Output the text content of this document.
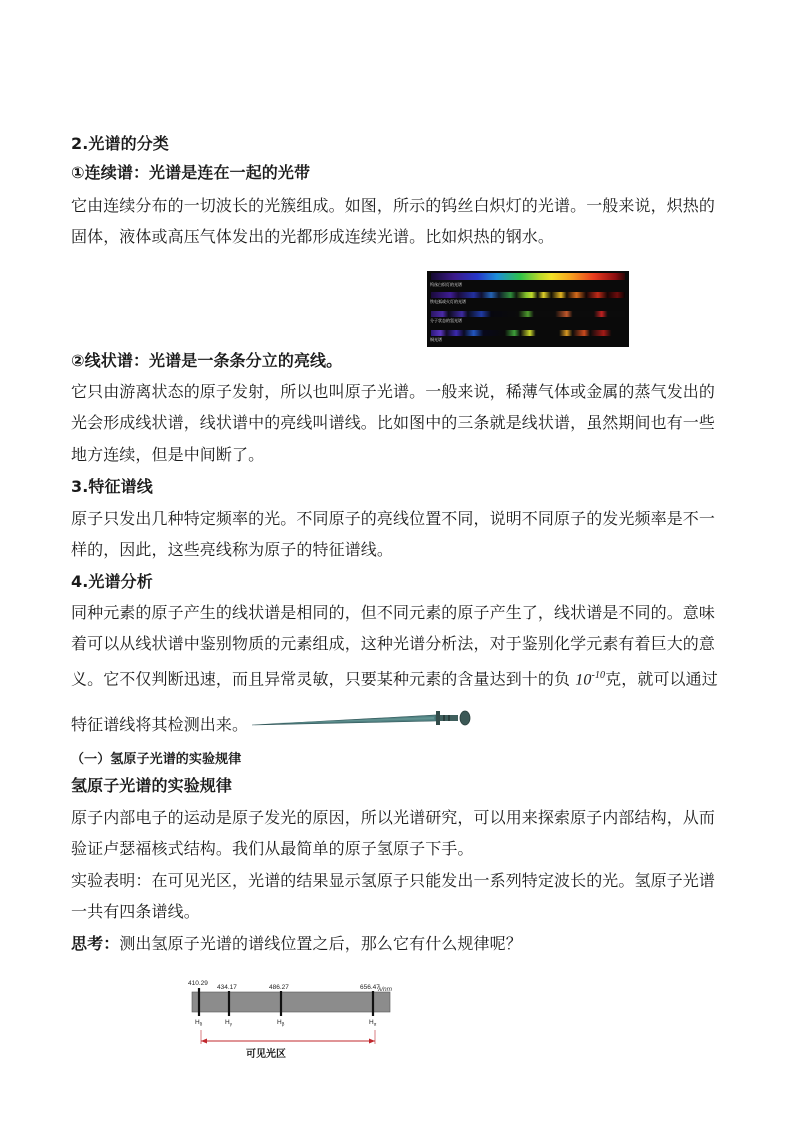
2.光谱的分类
①连续谱：光谱是连在一起的光带
它由连续分布的一切波长的光簇组成。如图，所示的钨丝白炽灯的光谱。一般来说，炽热的
固体，液体或高压气体发出的光都形成连续光谱。比如炽热的钢水。
钨丝白炽灯的光谱
铁电弧或火灯的光谱
分子状态的氢光谱
铜光谱
②线状谱：光谱是一条条分立的亮线。
它只由游离状态的原子发射，所以也叫原子光谱。一般来说，稀薄气体或金属的蒸气发出的
光会形成线状谱，线状谱中的亮线叫谱线。比如图中的三条就是线状谱，虽然期间也有一些
地方连续，但是中间断了。
3.特征谱线
原子只发出几种特定频率的光。不同原子的亮线位置不同，说明不同原子的发光频率是不一
样的，因此，这些亮线称为原子的特征谱线。
4.光谱分析
同种元素的原子产生的线状谱是相同的，但不同元素的原子产生了，线状谱是不同的。意味
着可以从线状谱中鉴别物质的元素组成，这种光谱分析法，对于鉴别化学元素有着巨大的意
义。它不仅判断迅速，而且异常灵敏，只要某种元素的含量达到十的负 $10^{-10}$克，就可以通过
特征谱线将其检测出来。
（一）氢原子光谱的实验规律
氢原子光谱的实验规律
原子内部电子的运动是原子发光的原因，所以光谱研究，可以用来探索原子内部结构，从而
验证卢瑟福核式结构。我们从最简单的原子氢原子下手。
实验表明：在可见光区，光谱的结果显示氢原子只能发出一系列特定波长的光。氢原子光谱
一共有四条谱线。
思考：测出氢原子光谱的谱线位置之后，那么它有什么规律呢？
λ/nm
410.29
$H_\delta$
434.17
$H_\gamma$
486.27
$H_\beta$
656.47
$H_\alpha$
可见光区
